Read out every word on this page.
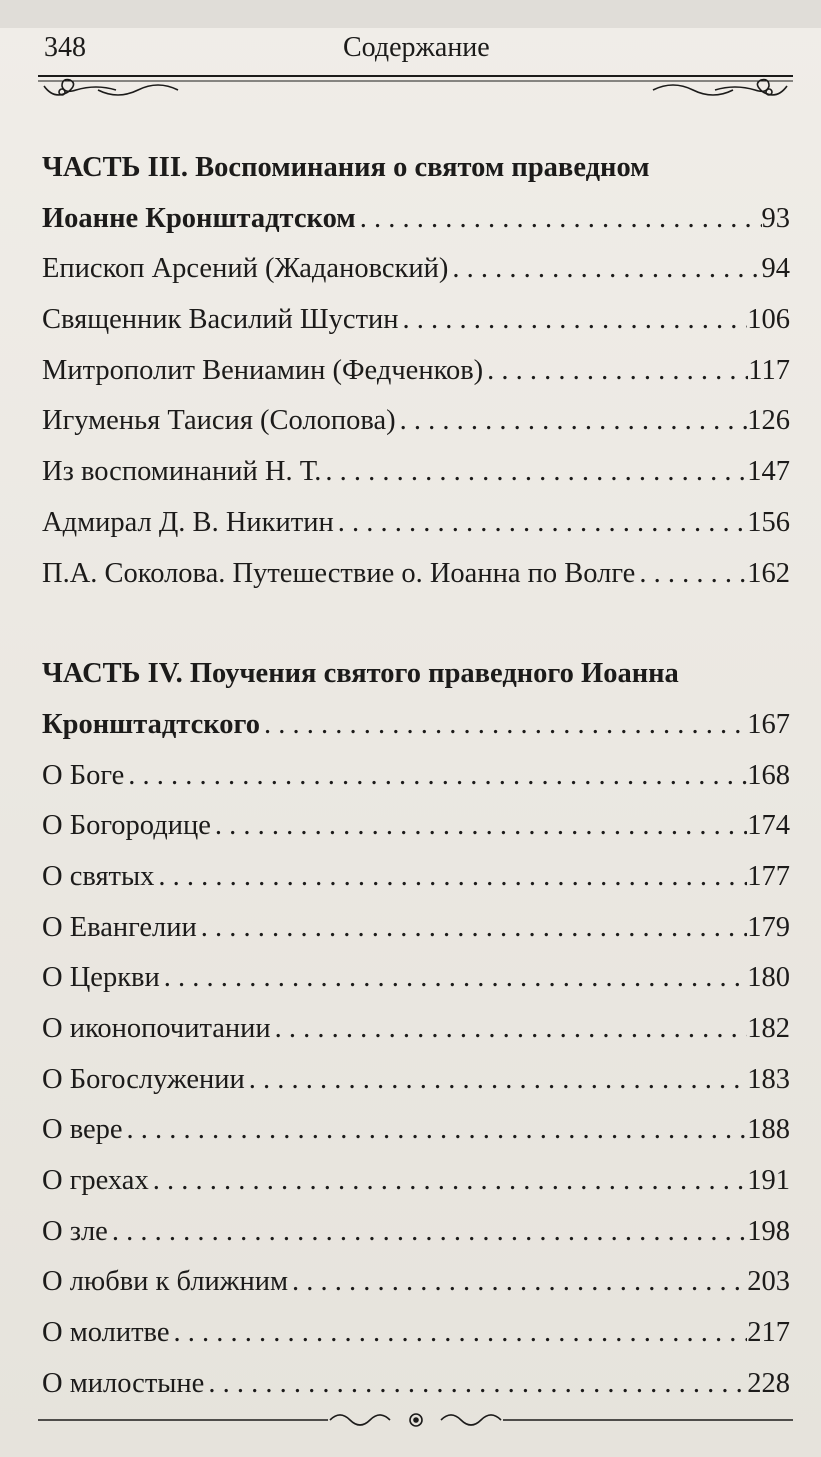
348	Содержание
ЧАСТЬ III. Воспоминания о святом праведном
Иоанне Кронштадтском . . .	93
Епископ Арсений (Жадановский) . . .	94
Священник Василий Шустин . . .	106
Митрополит Вениамин (Федченков) . . .	117
Игуменья Таисия (Солопова) . . .	126
Из воспоминаний Н. Т. . . .	147
Адмирал Д. В. Никитин . . .	156
П.А. Соколова. Путешествие о. Иоанна по Волге . . .	162
ЧАСТЬ IV. Поучения святого праведного Иоанна
Кронштадтского . . .	167
О Боге . . .	168
О Богородице . . .	174
О святых . . .	177
О Евангелии . . .	179
О Церкви . . .	180
О иконопочитании . . .	182
О Богослужении . . .	183
О вере . . .	188
О грехах . . .	191
О зле . . .	198
О любви к ближним . . .	203
О молитве . . .	217
О милостыне . . .	228
